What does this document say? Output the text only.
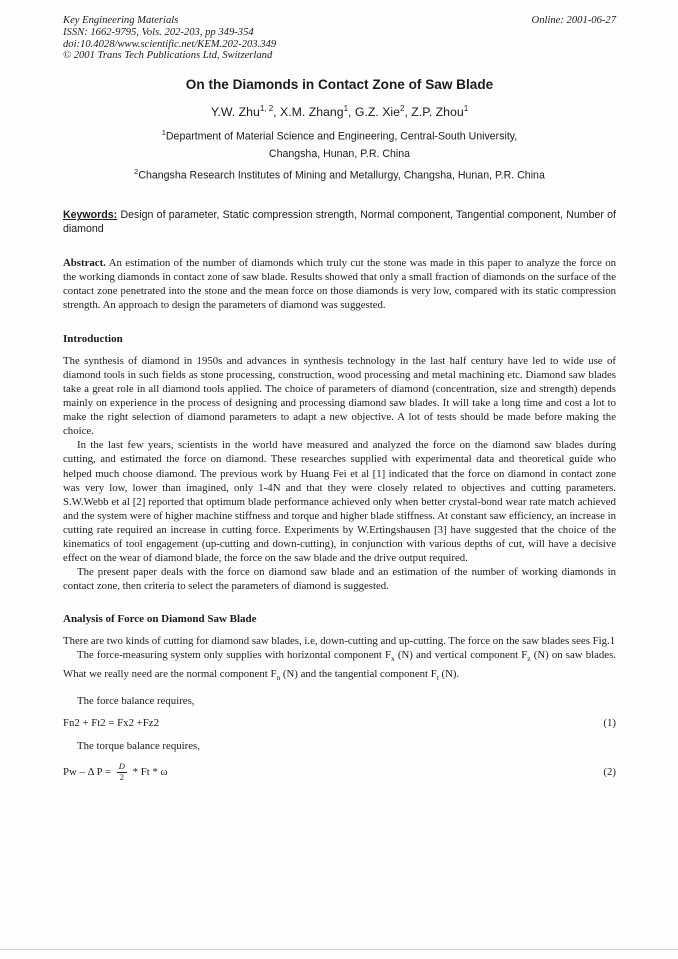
Key Engineering Materials
ISSN: 1662-9795, Vols. 202-203, pp 349-354
doi:10.4028/www.scientific.net/KEM.202-203.349
© 2001 Trans Tech Publications Ltd, Switzerland
Online: 2001-06-27
On the Diamonds in Contact Zone of Saw Blade
Y.W. Zhu$^{1, 2}$, X.M. Zhang$^1$, G.Z. Xie$^2$, Z.P. Zhou$^1$
$^1$Department of Material Science and Engineering, Central-South University,
Changsha, Hunan, P.R. China
$^2$Changsha Research Institutes of Mining and Metallurgy, Changsha, Hunan, P.R. China
Keywords: Design of parameter, Static compression strength, Normal component, Tangential component, Number of diamond
Abstract. An estimation of the number of diamonds which truly cut the stone was made in this paper to analyze the force on the working diamonds in contact zone of saw blade. Results showed that only a small fraction of diamonds on the surface of the contact zone penetrated into the stone and the mean force on those diamonds is very low, compared with its static compression strength. An approach to design the parameters of diamond was suggested.
Introduction

The synthesis of diamond in 1950s and advances in synthesis technology in the last half century have led to wide use of diamond tools in such fields as stone processing, construction, wood processing and metal machining etc. Diamond saw blades take a great role in all diamond tools applied. The choice of parameters of diamond (concentration, size and strength) depends mainly on experience in the process of designing and processing diamond saw blades. It will take a long time and cost a lot to make the right selection of diamond parameters to adapt a new objective. A lot of tests should be made before making the choice.

In the last few years, scientists in the world have measured and analyzed the force on the diamond saw blades during cutting, and estimated the force on diamond. These researches supplied with experimental data and theoretical guide who helped much choose diamond. The previous work by Huang Fei et al [1] indicated that the force on diamond in contact zone was very low, lower than imagined, only 1-4N and that they were closely related to objectives and cutting parameters. S.W.Webb et al [2] reported that optimum blade performance achieved only when better crystal-bond wear rate match achieved and the system were of higher machine stiffness and torque and higher blade stiffness. At constant saw efficiency, an increase in cutting rate required an increase in cutting force. Experiments by W.Ertingshausen [3] have suggested that the choice of the kinematics of tool engagement (up-cutting and down-cutting), in conjunction with various depths of cut, will have a decisive effect on the wear of diamond blade, the force on the saw blade and the drive output required.

The present paper deals with the force on diamond saw blade and an estimation of the number of working diamonds in contact zone, then criteria to select the parameters of diamond is suggested.

Analysis of Force on Diamond Saw Blade

There are two kinds of cutting for diamond saw blades, i.e, down-cutting and up-cutting. The force on the saw blades sees Fig.1

The force-measuring system only supplies with horizontal component $F_x$ (N) and vertical component $F_z$ (N) on saw blades. What we really need are the normal component $F_n$ (N) and the tangential component $F_t$ (N).

The force balance requires,

Fn2 + Ft2 = Fx2 +Fz2	(1)

The torque balance requires,

Pw – Δ $P = \frac{D}{2} * Ft * \omega$	(2)
